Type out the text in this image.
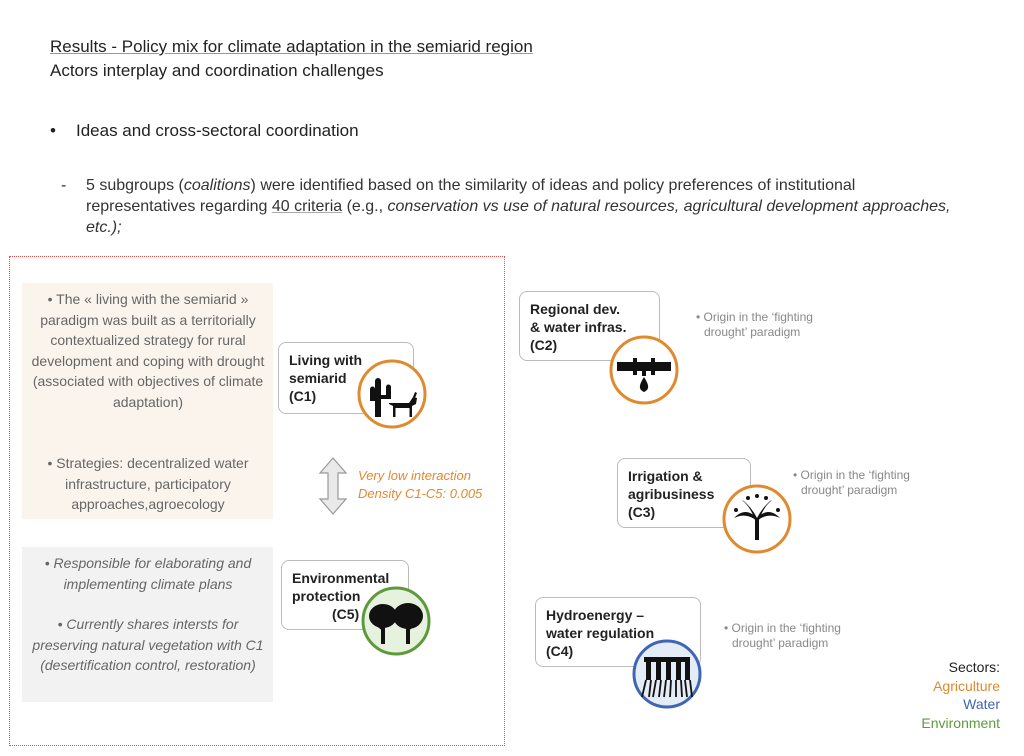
Results - Policy mix for climate adaptation in the semiarid region
Actors interplay and coordination challenges
• Ideas and cross-sectoral coordination
- 5 subgroups (coalitions) were identified based on the similarity of ideas and policy preferences of institutional representatives regarding 40 criteria (e.g., conservation vs use of natural resources, agricultural development approaches, etc.);
• The « living with the semiarid » paradigm was built as a territorially contextualized strategy for rural development and coping with drought (associated with objectives of climate adaptation)
• Strategies: decentralized water infrastructure, participatory approaches,agroecology
• Responsible for elaborating and implementing climate plans
• Currently shares intersts for preserving natural vegetation with C1 (desertification control, restoration)
Living with
semiarid
(C1)
Environmental
protection
(C5)
Regional dev.
& water infras.
(C2)
Irrigation &
agribusiness
(C3)
Hydroenergy –
water regulation
(C4)
Very low interaction
Density C1-C5: 0.005
• Origin in the ‘fighting
drought’ paradigm
• Origin in the ‘fighting
drought’ paradigm
• Origin in the ‘fighting
drought’ paradigm
Sectors:
Agriculture
Water
Environment
